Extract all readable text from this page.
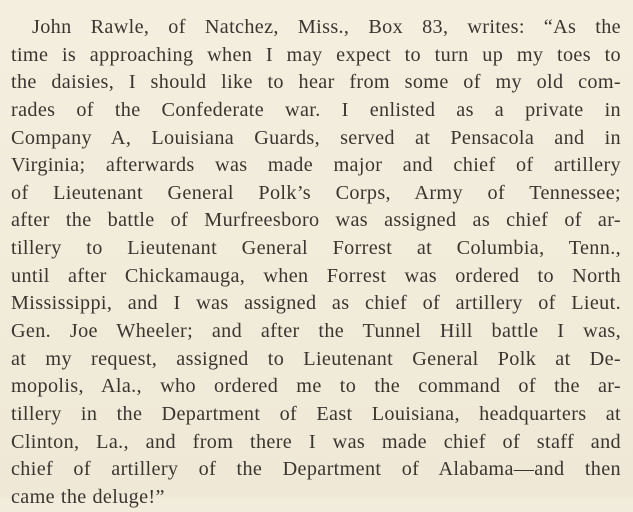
John Rawle, of Natchez, Miss., Box 83, writes: “As the
time is approaching when I may expect to turn up my toes to
the daisies, I should like to hear from some of my old com-
rades of the Confederate war. I enlisted as a private in
Company A, Louisiana Guards, served at Pensacola and in
Virginia; afterwards was made major and chief of artillery
of Lieutenant General Polk’s Corps, Army of Tennessee;
after the battle of Murfreesboro was assigned as chief of ar-
tillery to Lieutenant General Forrest at Columbia, Tenn.,
until after Chickamauga, when Forrest was ordered to North
Mississippi, and I was assigned as chief of artillery of Lieut.
Gen. Joe Wheeler; and after the Tunnel Hill battle I was,
at my request, assigned to Lieutenant General Polk at De-
mopolis, Ala., who ordered me to the command of the ar-
tillery in the Department of East Louisiana, headquarters at
Clinton, La., and from there I was made chief of staff and
chief of artillery of the Department of Alabama—and then
came the deluge!”
